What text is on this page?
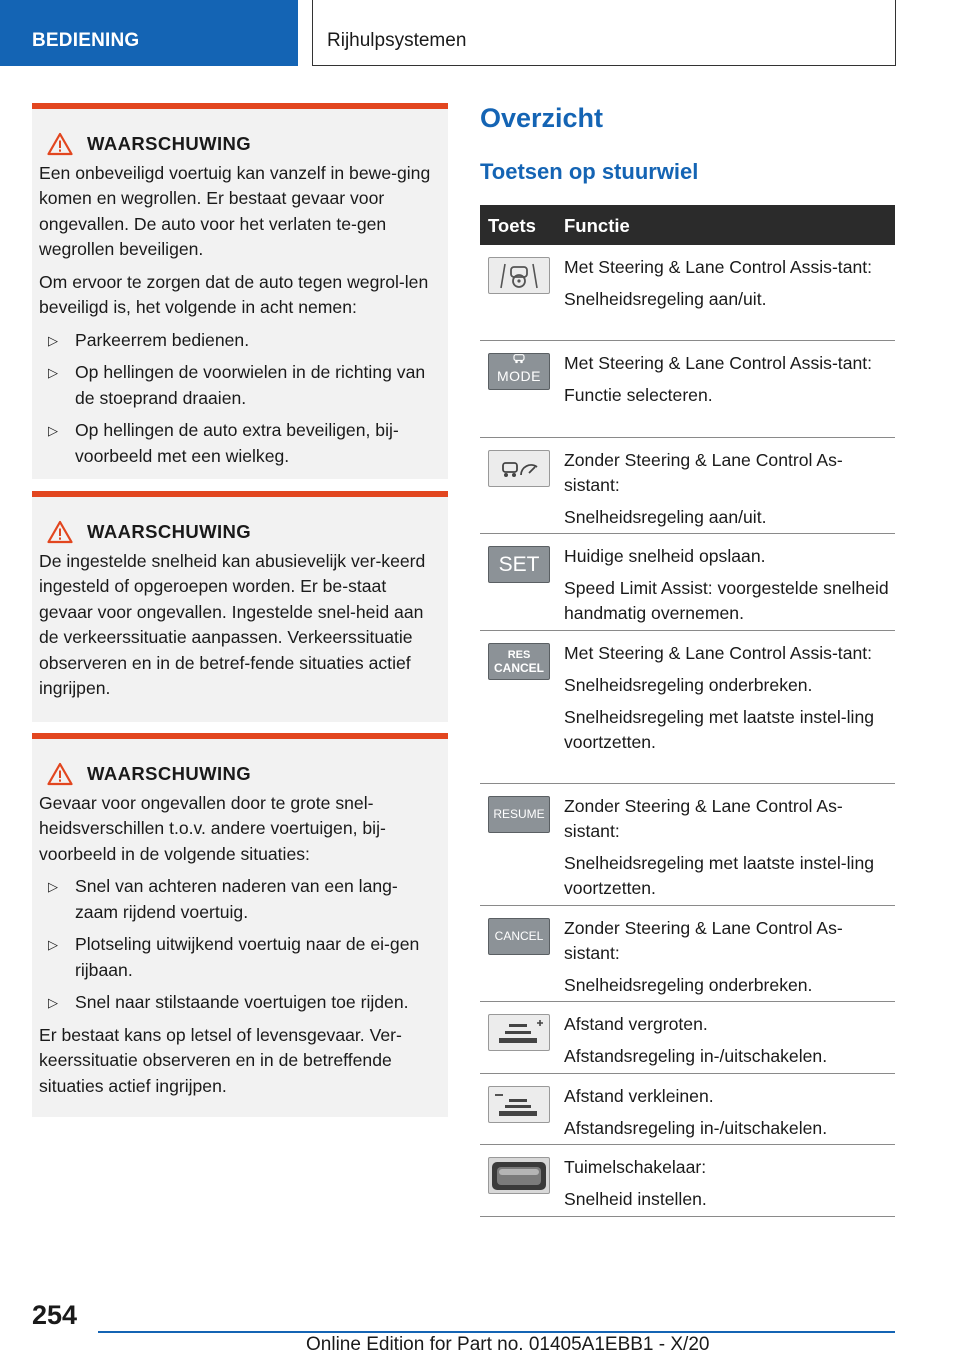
BEDIENING	Rijhulpsystemen
WAARSCHUWING

Een onbeveiligd voertuig kan vanzelf in bewe-ging komen en wegrollen. Er bestaat gevaar voor ongevallen. De auto voor het verlaten te-gen wegrollen beveiligen.

Om ervoor te zorgen dat de auto tegen wegrol-len beveiligd is, het volgende in acht nemen:

▷ Parkeerrem bedienen.
▷ Op hellingen de voorwielen in de richting van de stoeprand draaien.
▷ Op hellingen de auto extra beveiligen, bij-voorbeeld met een wielkeg.
WAARSCHUWING

De ingestelde snelheid kan abusievelijk ver-keerd ingesteld of opgeroepen worden. Er be-staat gevaar voor ongevallen. Ingestelde snel-heid aan de verkeerssituatie aanpassen. Verkeerssituatie observeren en in de betref-fende situaties actief ingrijpen.

WAARSCHUWING

Gevaar voor ongevallen door te grote snel-heidsverschillen t.o.v. andere voertuigen, bij-voorbeeld in de volgende situaties:

▷ Snel van achteren naderen van een lang-zaam rijdend voertuig.
▷ Plotseling uitwijkend voertuig naar de ei-gen rijbaan.
▷ Snel naar stilstaande voertuigen toe rijden.

Er bestaat kans op letsel of levensgevaar. Ver-keerssituatie observeren en in de betreffende situaties actief ingrijpen.

Overzicht
Toetsen op stuurwiel
Toets	Functie

Met Steering & Lane Control Assis-tant:

Snelheidsregeling aan/uit.

MODE

Met Steering & Lane Control Assis-tant:

Functie selecteren.

Zonder Steering & Lane Control As-sistant:

Snelheidsregeling aan/uit.

SET Huidige snelheid opslaan.

Speed Limit Assist: voorgestelde snelheid handmatig overnemen.

RES
CANCEL

Met Steering & Lane Control Assis-tant:

Snelheidsregeling onderbreken.

Snelheidsregeling met laatste instel-ling voortzetten.

RESUME Zonder Steering & Lane Control As-sistant:

Snelheidsregeling met laatste instel-ling voortzetten.

CANCEL Zonder Steering & Lane Control As-sistant:

Snelheidsregeling onderbreken.

Afstand vergroten.

Afstandsregeling in-/uitschakelen.

Afstand verkleinen.

Afstandsregeling in-/uitschakelen.

Tuimelschakelaar:

Snelheid instellen.

254
Online Edition for Part no. 01405A1EBB1 - X/20
